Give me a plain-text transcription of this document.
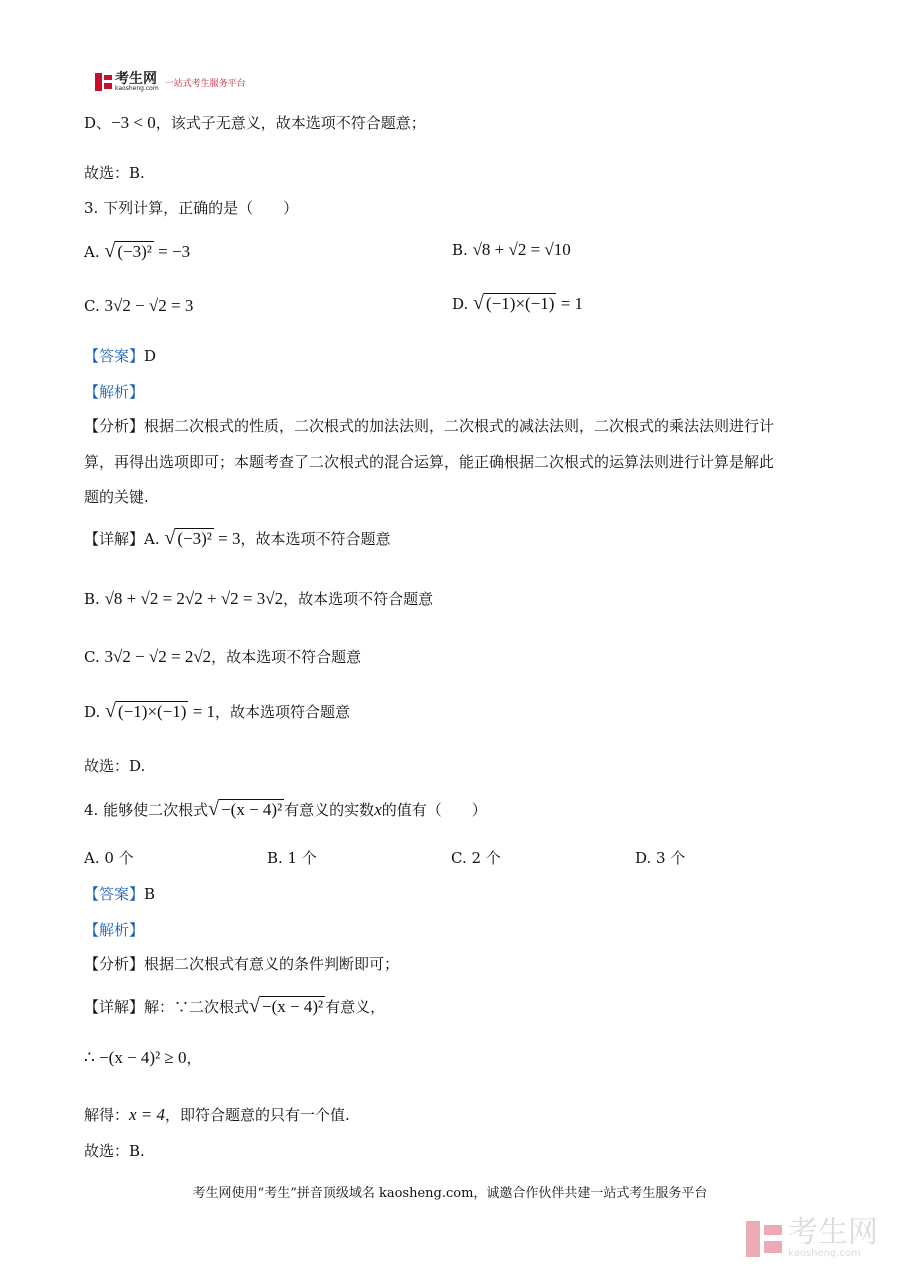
考生网
kaosheng.com 一站式考生服务平台
D、−3 < 0，该式子无意义，故本选项不符合题意；
故选：B.
3. 下列计算，正确的是（　　）
A. √ (−3)² = −3	B. √8 + √2 = √10
C. 3√2 − √2 = 3	D. √ (−1)×(−1) = 1
【答案】D
【解析】
【分析】根据二次根式的性质，二次根式的加法法则，二次根式的减法法则，二次根式的乘法法则进行计
算，再得出选项即可；本题考查了二次根式的混合运算，能正确根据二次根式的运算法则进行计算是解此
题的关键.
【详解】A. √ (−3)² = 3，故本选项不符合题意
B. √8 + √2 = 2√2 + √2 = 3√2，故本选项不符合题意
C. 3√2 − √2 = 2√2，故本选项不符合题意
D. √ (−1)×(−1) = 1，故本选项符合题意
故选：D.
4. 能够使二次根式√ −(x − 4)² 有意义的实数x的值有（　　）
A. 0 个	B. 1 个	C. 2 个	D. 3 个
【答案】B
【解析】
【分析】根据二次根式有意义的条件判断即可；
【详解】解：∵二次根式√ −(x − 4)² 有意义，
∴ −(x − 4)² ≥ 0，
解得：x = 4，即符合题意的只有一个值.
故选：B.
考生网使用“考生”拼音顶级域名 kaosheng.com，诚邀合作伙伴共建一站式考生服务平台
考生网
kaosheng.com
